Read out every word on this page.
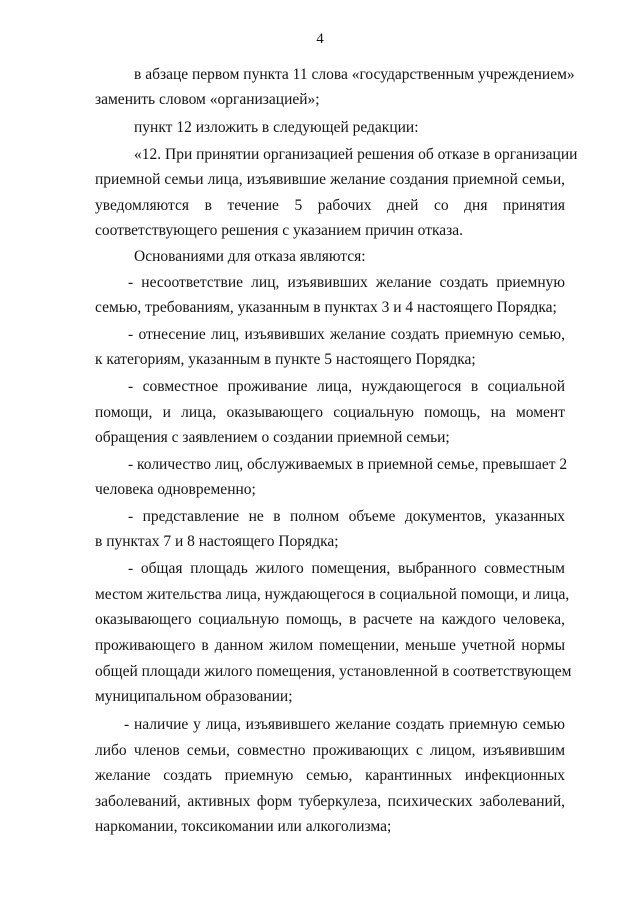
4
в абзаце первом пункта 11 слова «государственным учреждением»
заменить словом «организацией»;
пункт 12 изложить в следующей редакции:
«12. При принятии организацией решения об отказе в организации
приемной семьи лица, изъявившие желание создания приемной семьи,
уведомляются в течение 5 рабочих дней со дня принятия
соответствующего решения с указанием причин отказа.
Основаниями для отказа являются:
- несоответствие лиц, изъявивших желание создать приемную
семью, требованиям, указанным в пунктах 3 и 4 настоящего Порядка;
- отнесение лиц, изъявивших желание создать приемную семью,
к категориям, указанным в пункте 5 настоящего Порядка;
- совместное проживание лица, нуждающегося в социальной
помощи, и лица, оказывающего социальную помощь, на момент
обращения с заявлением о создании приемной семьи;
- количество лиц, обслуживаемых в приемной семье, превышает 2
человека одновременно;
- представление не в полном объеме документов, указанных
в пунктах 7 и 8 настоящего Порядка;
- общая площадь жилого помещения, выбранного совместным
местом жительства лица, нуждающегося в социальной помощи, и лица,
оказывающего социальную помощь, в расчете на каждого человека,
проживающего в данном жилом помещении, меньше учетной нормы
общей площади жилого помещения, установленной в соответствующем
муниципальном образовании;
- наличие у лица, изъявившего желание создать приемную семью
либо членов семьи, совместно проживающих с лицом, изъявившим
желание создать приемную семью, карантинных инфекционных
заболеваний, активных форм туберкулеза, психических заболеваний,
наркомании, токсикомании или алкоголизма;
